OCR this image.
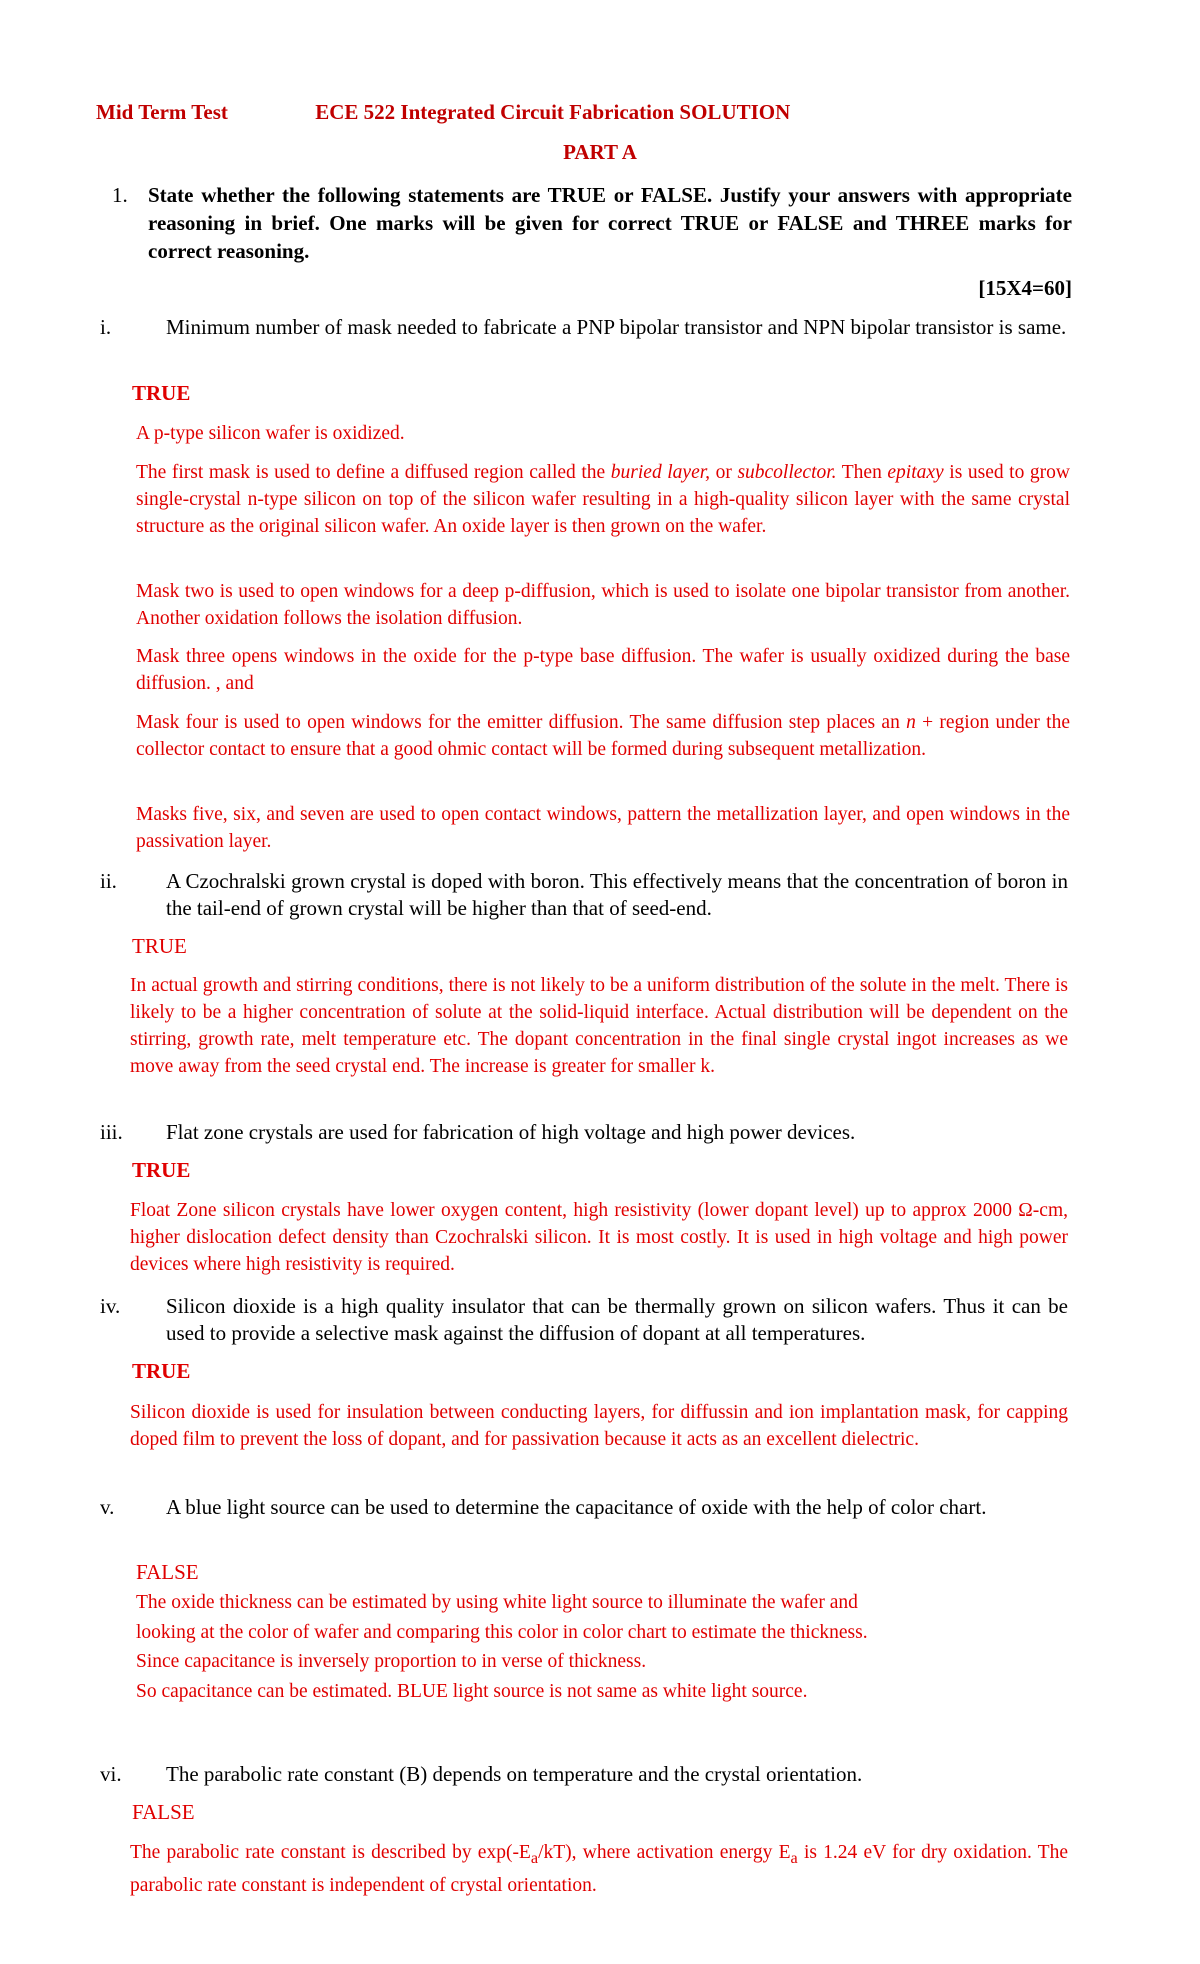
Mid Term Test	ECE 522 Integrated Circuit Fabrication SOLUTION
PART A
1. State whether the following statements are TRUE or FALSE. Justify your answers with appropriate reasoning in brief. One marks will be given for correct TRUE or FALSE and THREE marks for correct reasoning.
[15X4=60]
i.	Minimum number of mask needed to fabricate a PNP bipolar transistor and NPN bipolar transistor is same.
TRUE
A p-type silicon wafer is oxidized.
The first mask is used to define a diffused region called the buried layer, or subcollector. Then epitaxy is used to grow single-crystal n-type silicon on top of the silicon wafer resulting in a high-quality silicon layer with the same crystal structure as the original silicon wafer. An oxide layer is then grown on the wafer.
Mask two is used to open windows for a deep p-diffusion, which is used to isolate one bipolar transistor from another. Another oxidation follows the isolation diffusion.
Mask three opens windows in the oxide for the p-type base diffusion. The wafer is usually oxidized during the base diffusion. , and
Mask four is used to open windows for the emitter diffusion. The same diffusion step places an n + region under the collector contact to ensure that a good ohmic contact will be formed during subsequent metallization.
Masks five, six, and seven are used to open contact windows, pattern the metallization layer, and open windows in the passivation layer.
ii.	A Czochralski grown crystal is doped with boron. This effectively means that the concentration of boron in the tail-end of grown crystal will be higher than that of seed-end.
TRUE
In actual growth and stirring conditions, there is not likely to be a uniform distribution of the solute in the melt. There is likely to be a higher concentration of solute at the solid-liquid interface. Actual distribution will be dependent on the stirring, growth rate, melt temperature etc. The dopant concentration in the final single crystal ingot increases as we move away from the seed crystal end. The increase is greater for smaller k.
iii.	Flat zone crystals are used for fabrication of high voltage and high power devices.
TRUE
Float Zone silicon crystals have lower oxygen content, high resistivity (lower dopant level) up to approx 2000 Ω-cm, higher dislocation defect density than Czochralski silicon. It is most costly. It is used in high voltage and high power devices where high resistivity is required.
iv.	Silicon dioxide is a high quality insulator that can be thermally grown on silicon wafers. Thus it can be used to provide a selective mask against the diffusion of dopant at all temperatures.
TRUE
Silicon dioxide is used for insulation between conducting layers, for diffussin and ion implantation mask, for capping doped film to prevent the loss of dopant, and for passivation because it acts as an excellent dielectric.
v.	A blue light source can be used to determine the capacitance of oxide with the help of color chart.
FALSE
The oxide thickness can be estimated by using white light source to illuminate the wafer and
looking at the color of wafer and comparing this color in color chart to estimate the thickness.
Since capacitance is inversely proportion to in verse of thickness.
So capacitance can be estimated. BLUE light source is not same as white light source.
vi.	The parabolic rate constant (B) depends on temperature and the crystal orientation.
FALSE
The parabolic rate constant is described by $\exp(-E_a/kT)$, where activation energy $E_a$ is 1.24 eV for dry oxidation. The parabolic rate constant is independent of crystal orientation.
